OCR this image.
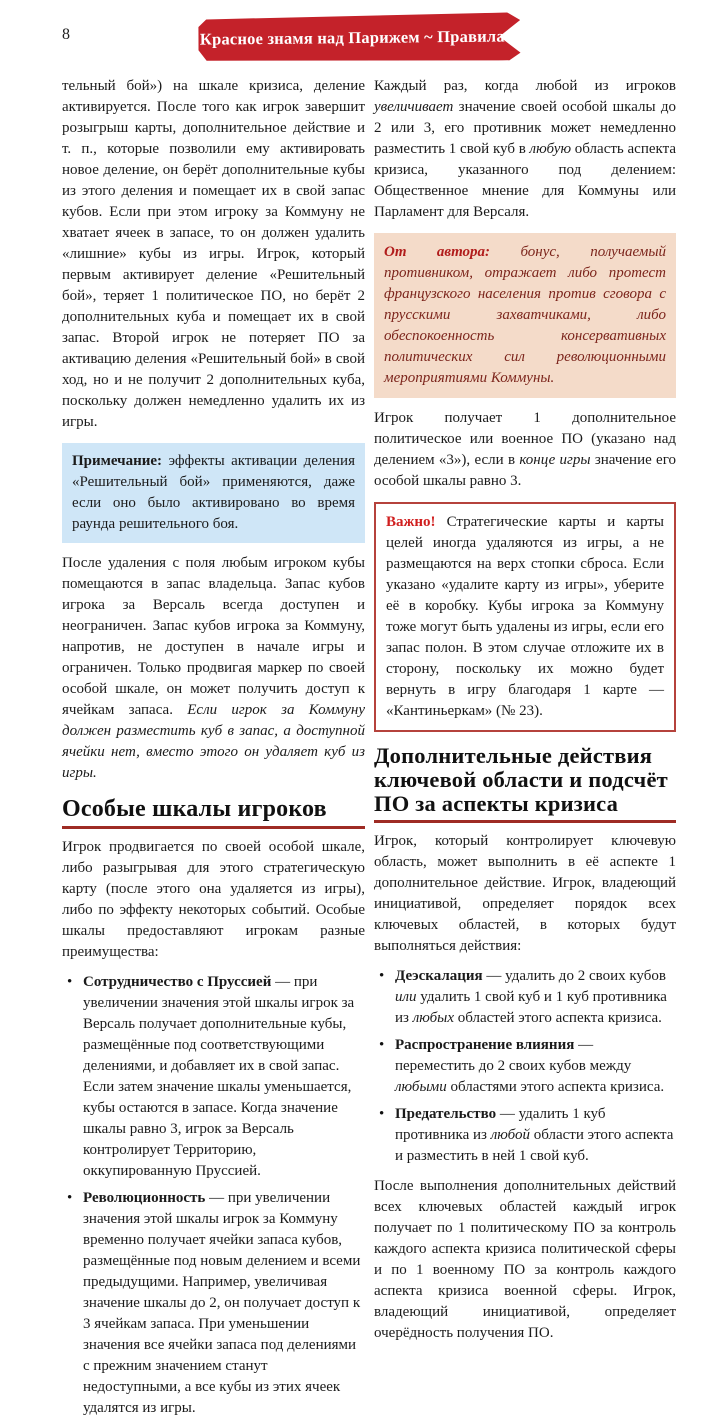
8	Красное знамя над Парижем ~ Правила

тельный бой») на шкале кризиса, деление активируется. После того как игрок завершит розыгрыш карты, дополнительное действие и т. п., которые позволили ему активировать новое деление, он берёт дополнительные кубы из этого деления и помещает их в свой запас кубов. Если при этом игроку за Коммуну не хватает ячеек в запасе, то он должен удалить «лишние» кубы из игры. Игрок, который первым активирует деление «Решительный бой», теряет 1 политическое ПО, но берёт 2 дополнительных куба и помещает их в свой запас. Второй игрок не потеряет ПО за активацию деления «Решительный бой» в свой ход, но и не получит 2 дополнительных куба, поскольку должен немедленно удалить их из игры.

Примечание: эффекты активации деления «Решительный бой» применяются, даже если оно было активировано во время раунда решительного боя.

После удаления с поля любым игроком кубы помещаются в запас владельца. Запас кубов игрока за Версаль всегда доступен и неограничен. Запас кубов игрока за Коммуну, напротив, не доступен в начале игры и ограничен. Только продвигая маркер по своей особой шкале, он может получить доступ к ячейкам запаса. Если игрок за Коммуну должен разместить куб в запас, а доступной ячейки нет, вместо этого он удаляет куб из игры.

Особые шкалы игроков

Игрок продвигается по своей особой шкале, либо разыгрывая для этого стратегическую карту (после этого она удаляется из игры), либо по эффекту некоторых событий. Особые шкалы предоставляют игрокам разные преимущества:

• Сотрудничество с Пруссией — при увеличении значения этой шкалы игрок за Версаль получает дополнительные кубы, размещённые под соответствующими делениями, и добавляет их в свой запас. Если затем значение шкалы уменьшается, кубы остаются в запасе. Когда значение шкалы равно 3, игрок за Версаль контролирует Территорию, оккупированную Пруссией.
• Революционность — при увеличении значения этой шкалы игрок за Коммуну временно получает ячейки запаса кубов, размещённые под новым делением и всеми предыдущими. Например, увеличивая значение шкалы до 2, он получает доступ к 3 ячейкам запаса. При уменьшении значения все ячейки запаса под делениями с прежним значением станут недоступными, а все кубы из этих ячеек удалятся из игры.

Каждый раз, когда любой из игроков увеличивает значение своей особой шкалы до 2 или 3, его противник может немедленно разместить 1 свой куб в любую область аспекта кризиса, указанного под делением: Общественное мнение для Коммуны или Парламент для Версаля.

От автора: бонус, получаемый противником, отражает либо протест французского населения против сговора с прусскими захватчиками, либо обеспокоенность консервативных политических сил революционными мероприятиями Коммуны.

Игрок получает 1 дополнительное политическое или военное ПО (указано над делением «3»), если в конце игры значение его особой шкалы равно 3.

Важно! Стратегические карты и карты целей иногда удаляются из игры, а не размещаются на верх стопки сброса. Если указано «удалите карту из игры», уберите её в коробку. Кубы игрока за Коммуну тоже могут быть удалены из игры, если его запас полон. В этом случае отложите их в сторону, поскольку их можно будет вернуть в игру благодаря 1 карте — «Кантиньеркам» (№ 23).
Дополнительные действия ключевой области и подсчёт ПО за аспекты кризиса

Игрок, который контролирует ключевую область, может выполнить в её аспекте 1 дополнительное действие. Игрок, владеющий инициативой, определяет порядок всех ключевых областей, в которых будут выполняться действия:

• Деэскалация — удалить до 2 своих кубов или удалить 1 свой куб и 1 куб противника из любых областей этого аспекта кризиса.
• Распространение влияния — переместить до 2 своих кубов между любыми областями этого аспекта кризиса.
• Предательство — удалить 1 куб противника из любой области этого аспекта и разместить в ней 1 свой куб.

После выполнения дополнительных действий всех ключевых областей каждый игрок получает по 1 политическому ПО за контроль каждого аспекта кризиса политической сферы и по 1 военному ПО за контроль каждого аспекта кризиса военной сферы. Игрок, владеющий инициативой, определяет очерёдность получения ПО.
